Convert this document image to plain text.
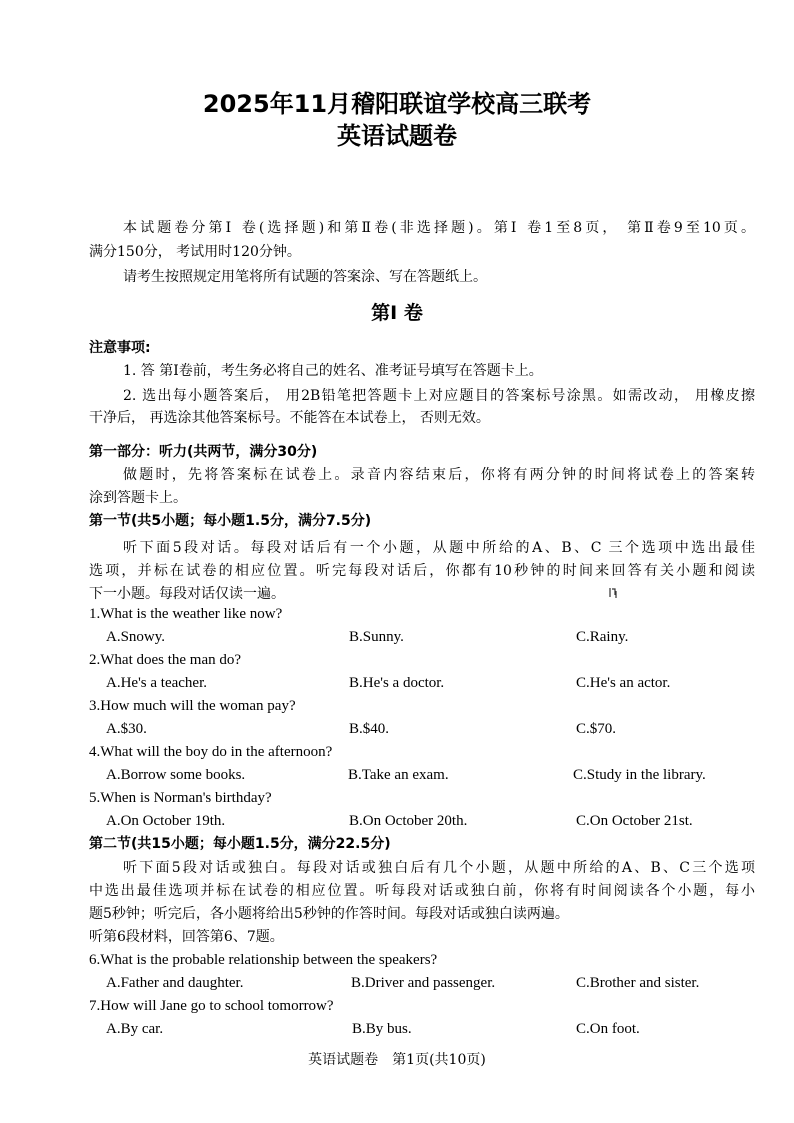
2025年11月稽阳联谊学校高三联考
英语试题卷
本试题卷分第Ⅰ 卷(选择题)和第Ⅱ卷(非选择题)。第Ⅰ 卷1至8页， 第Ⅱ卷9至10页。
满分150分， 考试用时120分钟。
请考生按照规定用笔将所有试题的答案涂、写在答题纸上。
第Ⅰ 卷
注意事项:
1. 答 第Ⅰ卷前，考生务必将自己的姓名、准考证号填写在答题卡上。
2. 选出每小题答案后， 用2B铅笔把答题卡上对应题目的答案标号涂黑。如需改动， 用橡皮擦
干净后， 再选涂其他答案标号。不能答在本试卷上， 否则无效。
第一部分：听力(共两节，满分30分)
做题时，先将答案标在试卷上。录音内容结束后，你将有两分钟的时间将试卷上的答案转
涂到答题卡上。
第一节(共5小题；每小题1.5分，满分7.5分)
听下面5段对话。每段对话后有一个小题，从题中所给的A、B、C 三个选项中选出最佳
选项，并标在试卷的相应位置。听完每段对话后，你都有10秒钟的时间来回答有关小题和阅读
下一小题。每段对话仅读一遍。
1.What is the weather like now?
A.Snowy.	B.Sunny.	C.Rainy.
2.What does the man do?
A.He's a teacher.	B.He's a doctor.	C.He's an actor.
3.How much will the woman pay?
A.$30.	B.$40.	C.$70.
4.What will the boy do in the afternoon?
A.Borrow some books.	B.Take an exam.	C.Study in the library.
5.When is Norman's birthday?
A.On October 19th.	B.On October 20th.	C.On October 21st.
第二节(共15小题；每小题1.5分，满分22.5分)
听下面5段对话或独白。每段对话或独白后有几个小题，从题中所给的A、B、C三个选项
中选出最佳选项并标在试卷的相应位置。听每段对话或独白前，你将有时间阅读各个小题，每小
题5秒钟；听完后，各小题将给出5秒钟的作答时间。每段对话或独白读两遍。
听第6段材料，回答第6、7题。
6.What is the probable relationship between the speakers?
A.Father and daughter.	B.Driver and passenger.	C.Brother and sister.
7.How will Jane go to school tomorrow?
A.By car.	B.By bus.	C.On foot.
英语试题卷　第1页(共10页)
